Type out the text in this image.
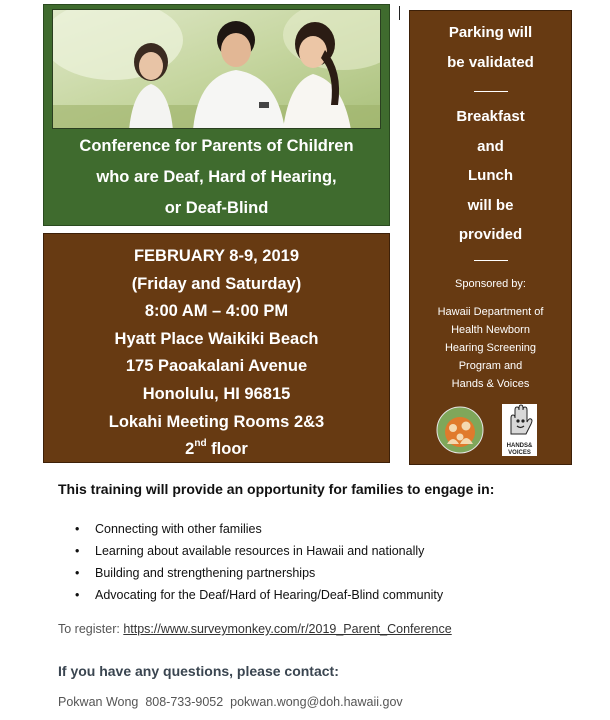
Conference for Parents of Children
who are Deaf, Hard of Hearing,
or Deaf-Blind
FEBRUARY 8-9, 2019
(Friday and Saturday)
8:00 AM – 4:00 PM
Hyatt Place Waikiki Beach
175 Paoakalani Avenue
Honolulu, HI 96815
Lokahi Meeting Rooms 2&3
2nd floor
Parking will
be validated
Breakfast
and
Lunch
will be
provided
Sponsored by:
Hawaii Department of
Health Newborn
Hearing Screening
Program and
Hands & Voices
HANDS&
VOICES
This training will provide an opportunity for families to engage in:
• Connecting with other families
• Learning about available resources in Hawaii and nationally
• Building and strengthening partnerships
• Advocating for the Deaf/Hard of Hearing/Deaf-Blind community
To register: https://www.surveymonkey.com/r/2019_Parent_Conference
If you have any questions, please contact:
Pokwan Wong 808-733-9052 pokwan.wong@doh.hawaii.gov
